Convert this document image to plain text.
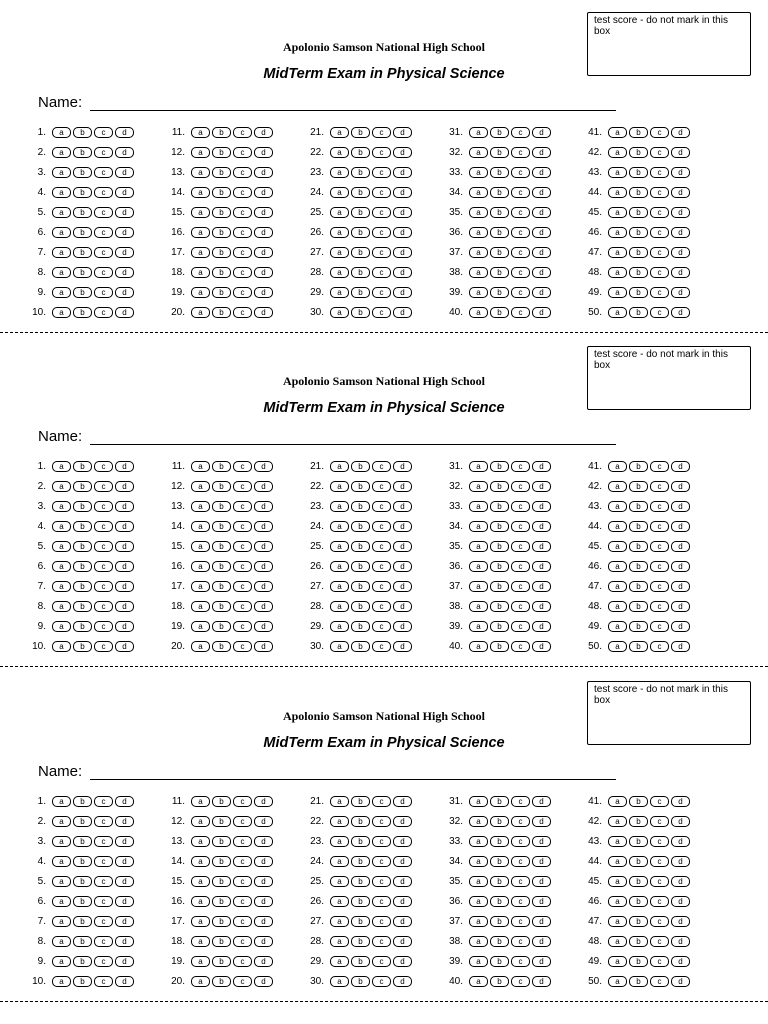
test score - do not mark in this box
Apolonio Samson National High School
MidTerm Exam in Physical Science
Name:
1.	a	b	c	d
2.	a	b	c	d
3.	a	b	c	d
4.	a	b	c	d
5.	a	b	c	d
6.	a	b	c	d
7.	a	b	c	d
8.	a	b	c	d
9.	a	b	c	d
10.	a	b	c	d
11.	a	b	c	d
12.	a	b	c	d
13.	a	b	c	d
14.	a	b	c	d
15.	a	b	c	d
16.	a	b	c	d
17.	a	b	c	d
18.	a	b	c	d
19.	a	b	c	d
20.	a	b	c	d
21.	a	b	c	d
22.	a	b	c	d
23.	a	b	c	d
24.	a	b	c	d
25.	a	b	c	d
26.	a	b	c	d
27.	a	b	c	d
28.	a	b	c	d
29.	a	b	c	d
30.	a	b	c	d
31.	a	b	c	d
32.	a	b	c	d
33.	a	b	c	d
34.	a	b	c	d
35.	a	b	c	d
36.	a	b	c	d
37.	a	b	c	d
38.	a	b	c	d
39.	a	b	c	d
40.	a	b	c	d
41.	a	b	c	d
42.	a	b	c	d
43.	a	b	c	d
44.	a	b	c	d
45.	a	b	c	d
46.	a	b	c	d
47.	a	b	c	d
48.	a	b	c	d
49.	a	b	c	d
50.	a	b	c	d
test score - do not mark in this box
Apolonio Samson National High School
MidTerm Exam in Physical Science
Name:
1.	a	b	c	d
2.	a	b	c	d
3.	a	b	c	d
4.	a	b	c	d
5.	a	b	c	d
6.	a	b	c	d
7.	a	b	c	d
8.	a	b	c	d
9.	a	b	c	d
10.	a	b	c	d
11.	a	b	c	d
12.	a	b	c	d
13.	a	b	c	d
14.	a	b	c	d
15.	a	b	c	d
16.	a	b	c	d
17.	a	b	c	d
18.	a	b	c	d
19.	a	b	c	d
20.	a	b	c	d
21.	a	b	c	d
22.	a	b	c	d
23.	a	b	c	d
24.	a	b	c	d
25.	a	b	c	d
26.	a	b	c	d
27.	a	b	c	d
28.	a	b	c	d
29.	a	b	c	d
30.	a	b	c	d
31.	a	b	c	d
32.	a	b	c	d
33.	a	b	c	d
34.	a	b	c	d
35.	a	b	c	d
36.	a	b	c	d
37.	a	b	c	d
38.	a	b	c	d
39.	a	b	c	d
40.	a	b	c	d
41.	a	b	c	d
42.	a	b	c	d
43.	a	b	c	d
44.	a	b	c	d
45.	a	b	c	d
46.	a	b	c	d
47.	a	b	c	d
48.	a	b	c	d
49.	a	b	c	d
50.	a	b	c	d
test score - do not mark in this box
Apolonio Samson National High School
MidTerm Exam in Physical Science
Name:
1.	a	b	c	d
2.	a	b	c	d
3.	a	b	c	d
4.	a	b	c	d
5.	a	b	c	d
6.	a	b	c	d
7.	a	b	c	d
8.	a	b	c	d
9.	a	b	c	d
10.	a	b	c	d
11.	a	b	c	d
12.	a	b	c	d
13.	a	b	c	d
14.	a	b	c	d
15.	a	b	c	d
16.	a	b	c	d
17.	a	b	c	d
18.	a	b	c	d
19.	a	b	c	d
20.	a	b	c	d
21.	a	b	c	d
22.	a	b	c	d
23.	a	b	c	d
24.	a	b	c	d
25.	a	b	c	d
26.	a	b	c	d
27.	a	b	c	d
28.	a	b	c	d
29.	a	b	c	d
30.	a	b	c	d
31.	a	b	c	d
32.	a	b	c	d
33.	a	b	c	d
34.	a	b	c	d
35.	a	b	c	d
36.	a	b	c	d
37.	a	b	c	d
38.	a	b	c	d
39.	a	b	c	d
40.	a	b	c	d
41.	a	b	c	d
42.	a	b	c	d
43.	a	b	c	d
44.	a	b	c	d
45.	a	b	c	d
46.	a	b	c	d
47.	a	b	c	d
48.	a	b	c	d
49.	a	b	c	d
50.	a	b	c	d
